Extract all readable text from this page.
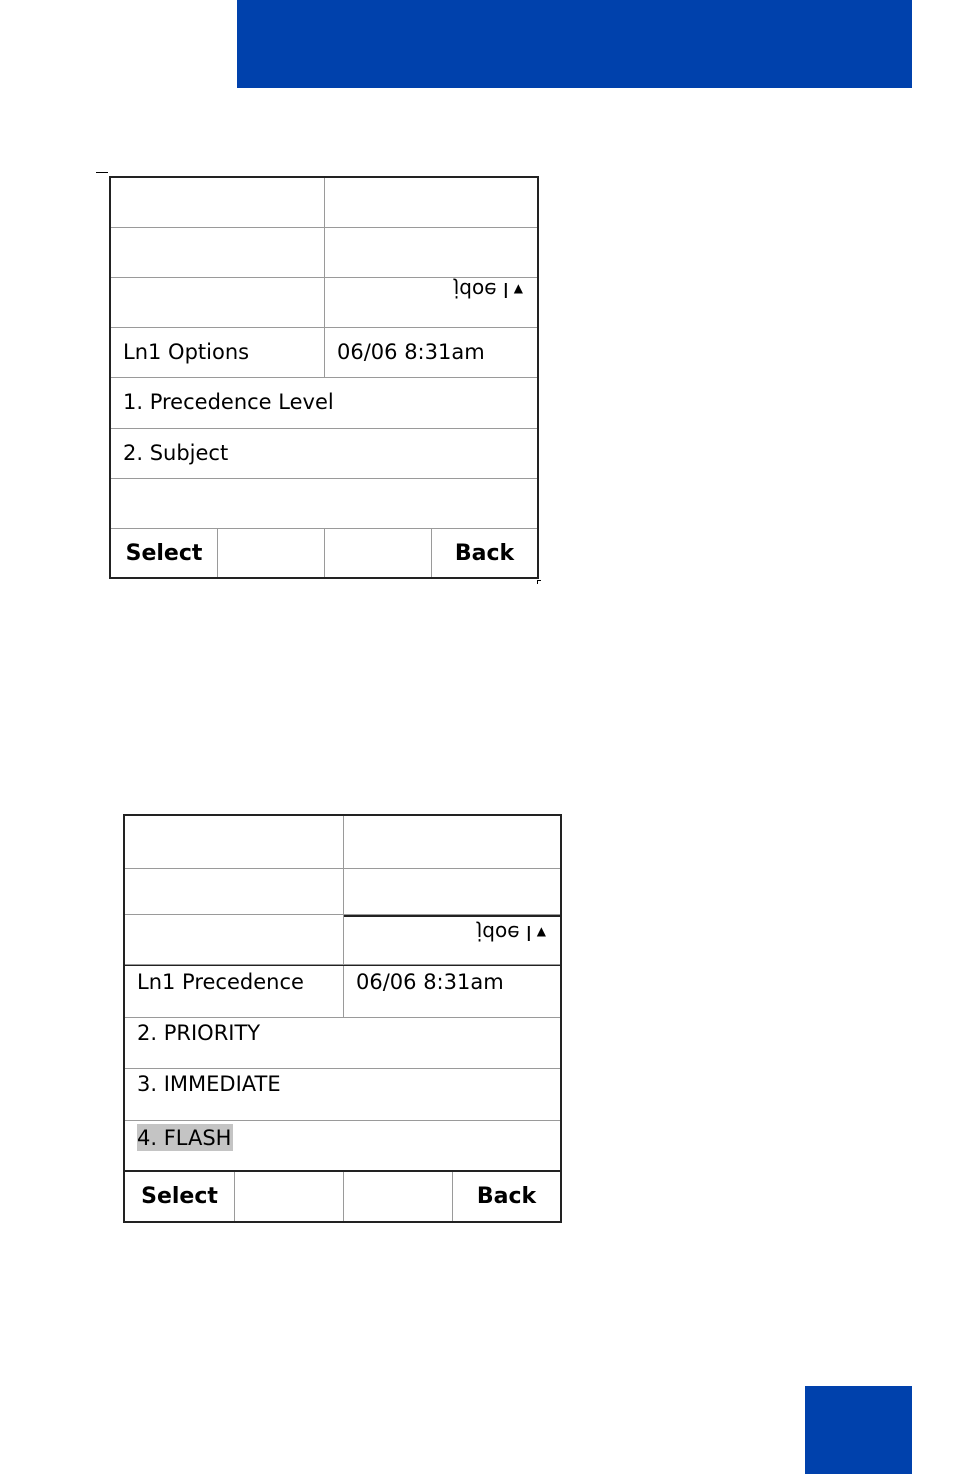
jdoe I ▲
Ln1 Options	06/06 8:31am
1. Precedence Level
2. Subject
Select	Back
jdoe I ▲
Ln1 Precedence	06/06 8:31am
2. PRIORITY
3. IMMEDIATE
4. FLASH
Select	Back
